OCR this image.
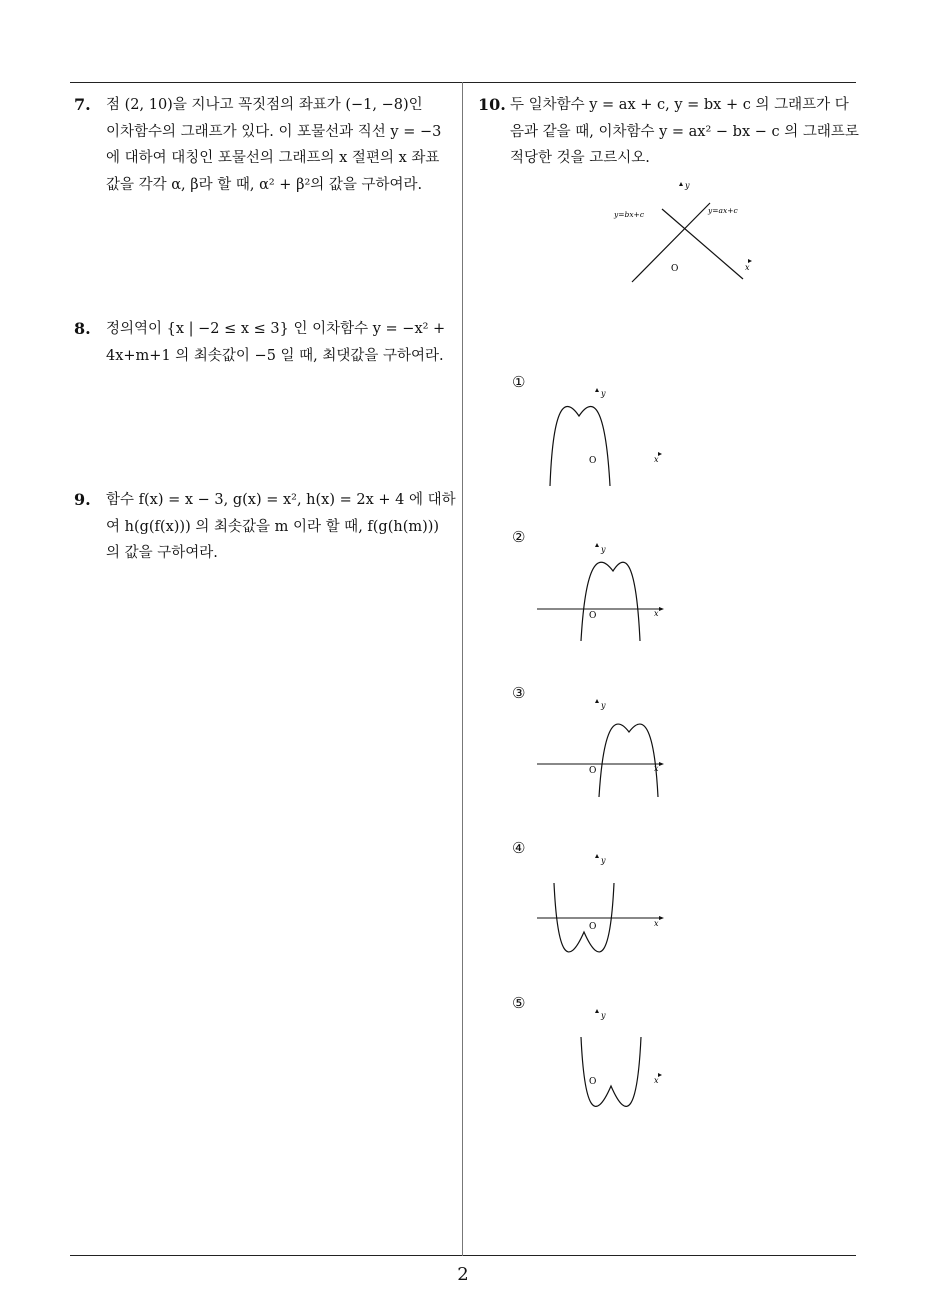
7. 점 (2, 10)을 지나고 꼭짓점의 좌표가 (−1, −8)인
이차함수의 그래프가 있다. 이 포물선과 직선 y = −3
에 대하여 대칭인 포물선의 그래프의 x 절편의 x 좌표
값을 각각 α, β라 할 때, α² + β²의 값을 구하여라.
8. 정의역이 {x | −2 ≤ x ≤ 3} 인 이차함수 y = −x² +
4x+m+1 의 최솟값이 −5 일 때, 최댓값을 구하여라.
9. 함수 f(x) = x − 3, g(x) = x², h(x) = 2x + 4 에 대하
여 h(g(f(x))) 의 최솟값을 m 이라 할 때, f(g(h(m)))
의 값을 구하여라.
10. 두 일차함수 y = ax + c, y = bx + c 의 그래프가 다
음과 같을 때, 이차함수 y = ax² − bx − c 의 그래프로
적당한 것을 고르시오.
y
y=bx+c	y=ax+c
O	x
①
y
O	x
②
y
x
O
③
y
x
O
④
y
x
O
⑤
y
O	x
2
